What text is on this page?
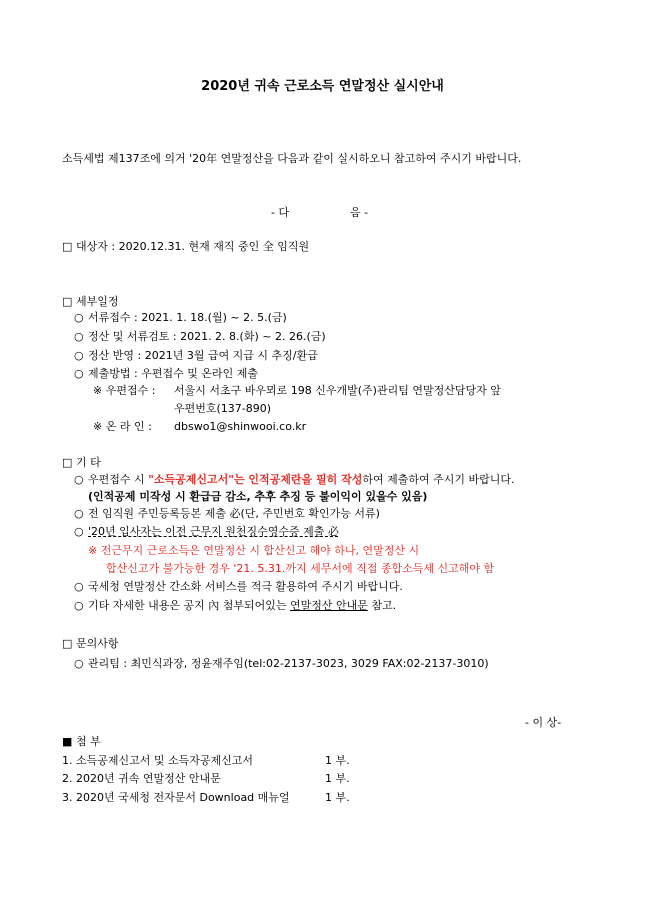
2020년 귀속 근로소득 연말정산 실시안내
소득세법 제137조에 의거 '20年 연말정산을 다음과 같이 실시하오니 참고하여 주시기 바랍니다.
- 다	음 -
□ 대상자 : 2020.12.31. 현재 재직 중인 全 임직원
□ 세부일정
○ 서류접수 : 2021. 1. 18.(월) ~ 2. 5.(금)
○ 정산 및 서류검토 : 2021. 2. 8.(화) ~ 2. 26.(금)
○ 정산 반영 : 2021년 3월 급여 지급 시 추징/환급
○ 제출방법 : 우편접수 및 온라인 제출
※ 우편접수 : 서울시 서초구 바우뫼로 198 신우개발(주)관리팀 연말정산담당자 앞
우편번호(137-890)
※ 온 라 인 : dbswo1@shinwooi.co.kr
□ 기 타
○ 우편접수 시 "소득공제신고서"는 인적공제란을 필히 작성하여 제출하여 주시기 바랍니다.
(인적공제 미작성 시 환급금 감소, 추후 추징 등 불이익이 있을수 있음)
○ 전 임직원 주민등록등본 제출 必(단, 주민번호 확인가능 서류)
○ '20년 입사자는 이전 근무지 원천징수영수증 제출 必
※ 전근무지 근로소득은 연말정산 시 합산신고 해야 하나, 연말정산 시
합산신고가 불가능한 경우 '21. 5.31.까지 세무서에 직접 종합소득세 신고해야 함
○ 국세청 연말정산 간소화 서비스를 적극 활용하여 주시기 바랍니다.
○ 기타 자세한 내용은 공지 內 첨부되어있는 연말정산 안내문 참고.
□ 문의사항
○ 관리팀 : 최민식과장, 정윤재주임(tel:02-2137-3023, 3029 FAX:02-2137-3010)
- 이 상-
■ 첨 부
1. 소득공제신고서 및 소득자공제신고서	1 부.
2. 2020년 귀속 연말정산 안내문	1 부.
3. 2020년 국세청 전자문서 Download 매뉴얼	1 부.
